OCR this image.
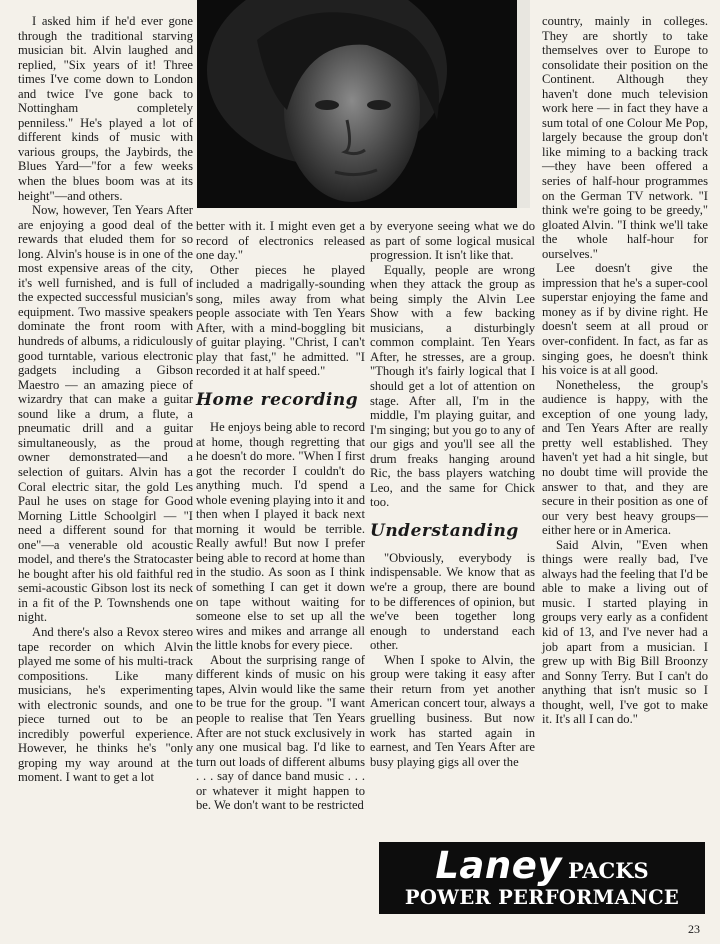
I asked him if he'd ever gone through the traditional starving musician bit. Alvin laughed and replied, "Six years of it! Three times I've come down to London and twice I've gone back to Nottingham completely penniless." He's played a lot of different kinds of music with various groups, the Jaybirds, the Blues Yard—"for a few weeks when the blues boom was at its height"—and others.

Now, however, Ten Years After are enjoying a good deal of the rewards that eluded them for so long. Alvin's house is in one of the most expensive areas of the city, it's well furnished, and is full of the expected successful musician's equipment. Two massive speakers dominate the front room with hundreds of albums, a ridiculously good turntable, various electronic gadgets including a Gibson Maestro — an amazing piece of wizardry that can make a guitar sound like a drum, a flute, a pneumatic drill and a guitar simultaneously, as the proud owner demonstrated—and a selection of guitars. Alvin has a Coral electric sitar, the gold Les Paul he uses on stage for Good Morning Little Schoolgirl — "I need a different sound for that one"—a venerable old acoustic model, and there's the Stratocaster he bought after his old faithful red semi-acoustic Gibson lost its neck in a fit of the P. Townshends one night.

And there's also a Revox stereo tape recorder on which Alvin played me some of his multi-track compositions. Like many musicians, he's experimenting with electronic sounds, and one piece turned out to be an incredibly powerful experience. However, he thinks he's "only groping my way around at the moment. I want to get a lot

better with it. I might even get a record of electronics released one day."

Other pieces he played included a madrigally-sounding song, miles away from what people associate with Ten Years After, with a mind-boggling bit of guitar playing. "Christ, I can't play that fast," he admitted. "I recorded it at half speed."

Home recording

He enjoys being able to record at home, though regretting that he doesn't do more. "When I first got the recorder I couldn't do anything much. I'd spend a whole evening playing into it and then when I played it back next morning it would be terrible. Really awful! But now I prefer being able to record at home than in the studio. As soon as I think of something I can get it down on tape without waiting for someone else to set up all the wires and mikes and arrange all the little knobs for every piece.

About the surprising range of different kinds of music on his tapes, Alvin would like the same to be true for the group. "I want people to realise that Ten Years After are not stuck exclusively in any one musical bag. I'd like to turn out loads of different albums . . . say of dance band music . . . or whatever it might happen to be. We don't want to be restricted

by everyone seeing what we do as part of some logical musical progression. It isn't like that.

Equally, people are wrong when they attack the group as being simply the Alvin Lee Show with a few backing musicians, a disturbingly common complaint. Ten Years After, he stresses, are a group. "Though it's fairly logical that I should get a lot of attention on stage. After all, I'm in the middle, I'm playing guitar, and I'm singing; but you go to any of our gigs and you'll see all the drum freaks hanging around Ric, the bass players watching Leo, and the same for Chick too.

Understanding

"Obviously, everybody is indispensable. We know that as we're a group, there are bound to be differences of opinion, but we've been together long enough to understand each other.

When I spoke to Alvin, the group were taking it easy after their return from yet another American concert tour, always a gruelling business. But now work has started again in earnest, and Ten Years After are busy playing gigs all over the

country, mainly in colleges. They are shortly to take themselves over to Europe to consolidate their position on the Continent. Although they haven't done much television work here — in fact they have a sum total of one Colour Me Pop, largely because the group don't like miming to a backing track—they have been offered a series of half-hour programmes on the German TV network. "I think we're going to be greedy," gloated Alvin. "I think we'll take the whole half-hour for ourselves."

Lee doesn't give the impression that he's a super-cool superstar enjoying the fame and money as if by divine right. He doesn't seem at all proud or over-confident. In fact, as far as singing goes, he doesn't think his voice is at all good.

Nonetheless, the group's audience is happy, with the exception of one young lady, and Ten Years After are really pretty well established. They haven't yet had a hit single, but no doubt time will provide the answer to that, and they are secure in their position as one of our very best heavy groups—either here or in America.

Said Alvin, "Even when things were really bad, I've always had the feeling that I'd be able to make a living out of music. I started playing in groups very early as a confident kid of 13, and I've never had a job apart from a musician. I grew up with Big Bill Broonzy and Sonny Terry. But I can't do anything that isn't music so I thought, well, I've got to make it. It's all I can do."

Laney PACKS
POWER PERFORMANCE
23
